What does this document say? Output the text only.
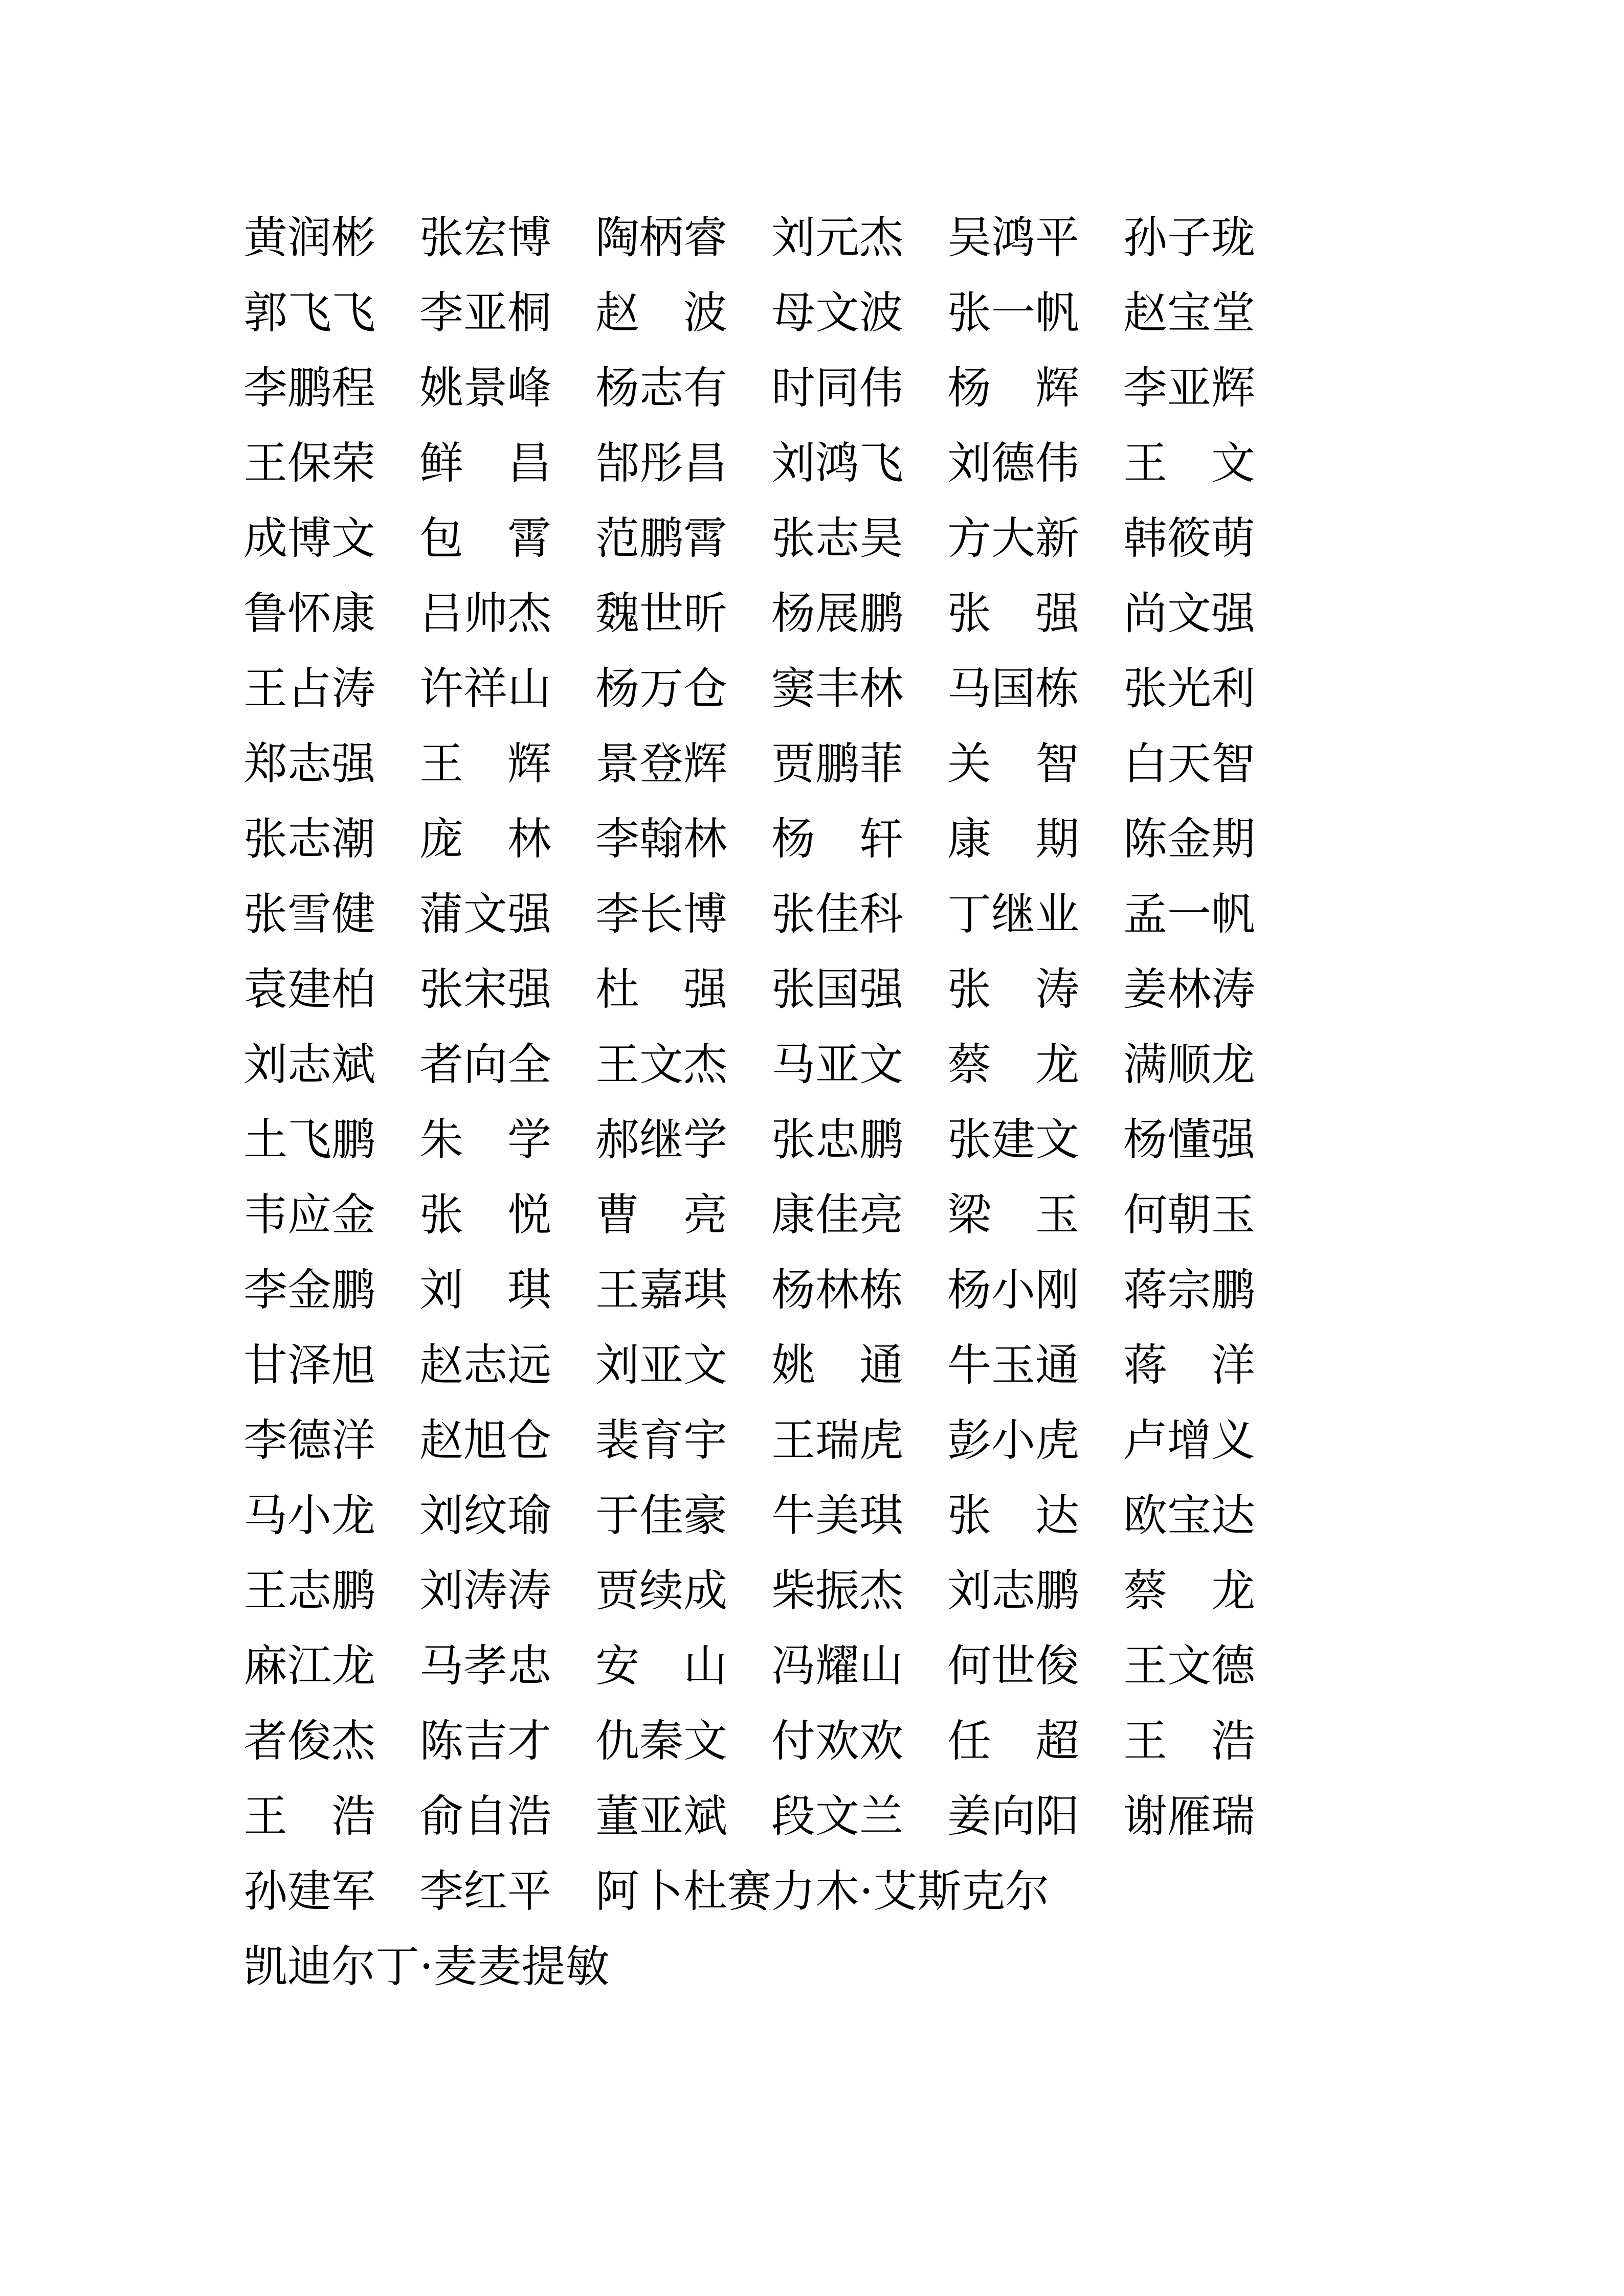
黄润彬 张宏博 陶柄睿 刘元杰 吴鸿平 孙子珑
郭飞飞 李亚桐 赵　波 母文波 张一帆 赵宝堂
李鹏程 姚景峰 杨志有 时同伟 杨　辉 李亚辉
王保荣 鲜　昌 郜彤昌 刘鸿飞 刘德伟 王　文
成博文 包　霄 范鹏霄 张志昊 方大新 韩筱萌
鲁怀康 吕帅杰 魏世昕 杨展鹏 张　强 尚文强
王占涛 许祥山 杨万仓 窦丰林 马国栋 张光利
郑志强 王　辉 景登辉 贾鹏菲 关　智 白天智
张志潮 庞　林 李翰林 杨　轩 康　期 陈金期
张雪健 蒲文强 李长博 张佳科 丁继业 孟一帆
袁建柏 张宋强 杜　强 张国强 张　涛 姜林涛
刘志斌 者向全 王文杰 马亚文 蔡　龙 满顺龙
土飞鹏 朱　学 郝继学 张忠鹏 张建文 杨懂强
韦应金 张　悦 曹　亮 康佳亮 梁　玉 何朝玉
李金鹏 刘　琪 王嘉琪 杨林栋 杨小刚 蒋宗鹏
甘泽旭 赵志远 刘亚文 姚　通 牛玉通 蒋　洋
李德洋 赵旭仓 裴育宇 王瑞虎 彭小虎 卢增义
马小龙 刘纹瑜 于佳豪 牛美琪 张　达 欧宝达
王志鹏 刘涛涛 贾续成 柴振杰 刘志鹏 蔡　龙
麻江龙 马孝忠 安　山 冯耀山 何世俊 王文德
者俊杰 陈吉才 仇秦文 付欢欢 任　超 王　浩
王　浩 俞自浩 董亚斌 段文兰 姜向阳 谢雁瑞
孙建军 李红平 阿卜杜赛力木·艾斯克尔
凯迪尔丁·麦麦提敏
